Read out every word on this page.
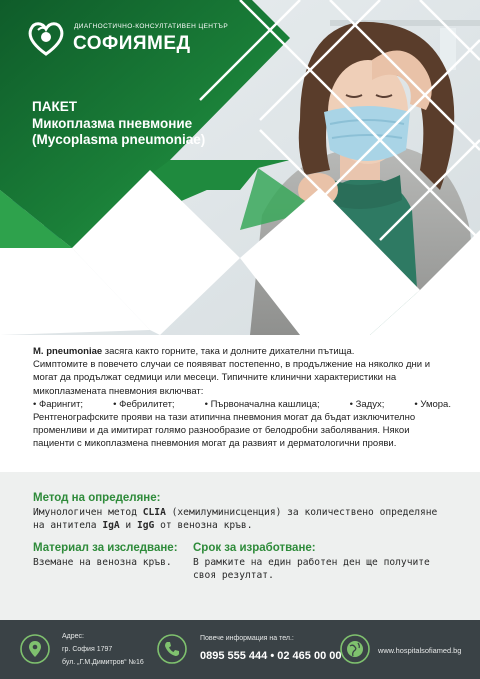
ДИАГНОСТИЧНО-КОНСУЛТАТИВЕН ЦЕНТЪР
СОФИЯМЕД
ПАКЕТ
Микоплазма пневмоние
(Mycoplasma pneumoniae)

M. pneumoniae засяга както горните, така и долните дихателни пътища.

Симптомите в повечето случаи се появяват постепенно, в продължение на няколко дни и могат да продължат седмици или месеци. Типичните клинични характеристики на микоплазмената пневмония включват:

• Фарингит;	• Фебрилитет;	• Първоначална кашлица;	• Задух;	• Умора.

Рентгенографските прояви на тази атипична пневмония могат да бъдат изключително променливи и да имитират голямо разнообразие от белодробни заболявания. Някои пациенти с микоплазмена пневмония могат да развият и дерматологични прояви.

Метод на определяне:
Имунологичен метод CLIA (хемилуминисценция) за количествено определяне на антитела IgA и IgG от венозна кръв.
Материал за изследване:
Вземане на венозна кръв.
Срок за изработване:
В рамките на един работен ден ще получите своя резултат.
Адрес:
гр. София 1797
бул. „Г.М.Димитров“ №16
Повече информация на тел.:
0895 555 444 • 02 465 00 00	www.hospitalsofiamed.bg
